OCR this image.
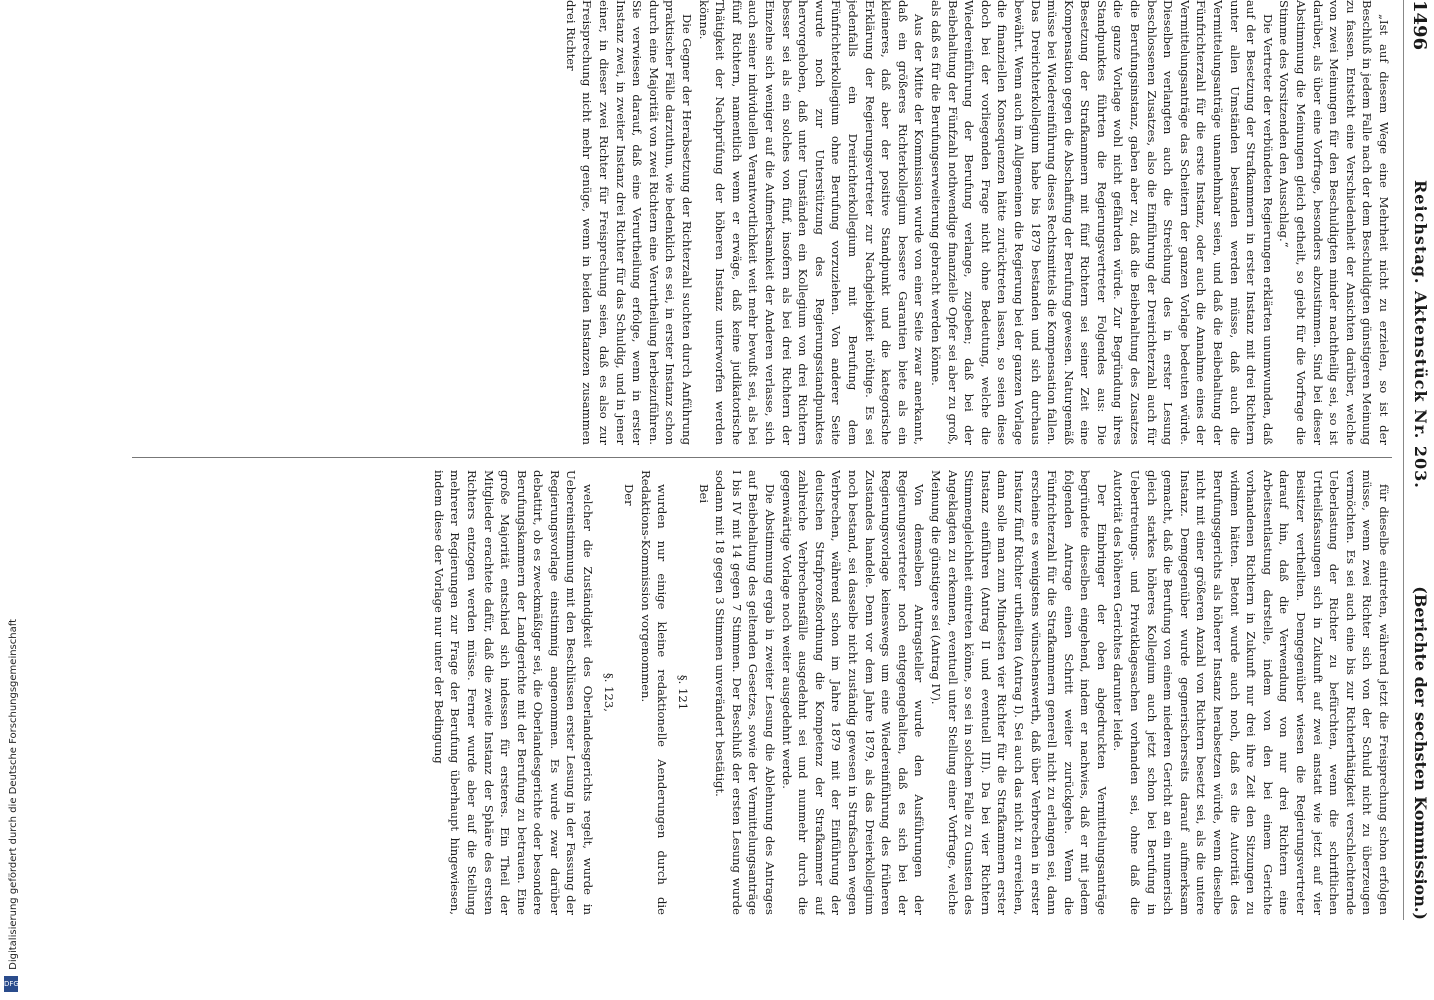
1496
Reichstag. Aktenstück Nr. 203.
(Berichte der sechsten Kommission.)

„Ist auf diesem Wege eine Mehrheit nicht zu erzielen, so ist der Beschluß in jedem Falle nach der dem Beschuldigten günstigeren Meinung zu fassen. Entsteht eine Verschiedenheit der Ansichten darüber, welche von zwei Meinungen für den Beschuldigten minder nachtheilig sei, so ist darüber, als über eine Vorfrage, besonders abzustimmen. Sind bei dieser Abstimmung die Meinungen gleich getheilt, so giebt für die Vorfrage die Stimme des Vorsitzenden den Ausschlag.“

Die Vertreter der verbündeten Regierungen erklärten unumwunden, daß auf der Besetzung der Strafkammern in erster Instanz mit drei Richtern unter allen Umständen bestanden werden müsse, daß auch die Vermittelungsanträge unannehmbar seien, und daß die Beibehaltung der Fünfrichterzahl für die erste Instanz, oder auch die Annahme eines der Vermittelungsanträge das Scheitern der ganzen Vorlage bedeuten würde. Dieselben verlangten auch die Streichung des in erster Lesung beschlossenen Zusatzes, also die Einführung der Dreirichterzahl auch für die Berufungsinstanz, gaben aber zu, daß die Beibehaltung des Zusatzes die ganze Vorlage wohl nicht gefährden würde. Zur Begründung ihres Standpunktes führten die Regierungsvertreter Folgendes aus: Die Besetzung der Strafkammern mit fünf Richtern sei seiner Zeit eine Kompensation gegen die Abschaffung der Berufung gewesen. Naturgemäß müsse bei Wiedereinführung dieses Rechtsmittels die Kompensation fallen. Das Dreirichterkollegium habe bis 1879 bestanden und sich durchaus bewährt. Wenn auch im Allgemeinen die Regierung bei der ganzen Vorlage die finanziellen Konsequenzen hätte zurücktreten lassen, so seien diese doch bei der vorliegenden Frage nicht ohne Bedeutung, welche die Wiedereinführung der Berufung verlange, zugeben; daß bei der Beibehaltung der Fünfzahl nothwendige finanzielle Opfer sei aber zu groß, als daß es für die Berufungserweiterung gebracht werden könne.

Aus der Mitte der Kommission wurde von einer Seite zwar anerkannt, daß ein größeres Richterkollegium bessere Garantien biete als ein kleineres, daß aber der positive Standpunkt und die kategorische Erklärung der Regierungsvertreter zur Nachgiebigkeit nöthige. Es sei jedenfalls ein Dreirichterkollegium mit Berufung dem Fünfrichterkollegium ohne Berufung vorzuziehen. Von anderer Seite wurde noch zur Unterstützung des Regierungsstandpunktes hervorgehoben, daß unter Umständen ein Kollegium von drei Richtern besser sei als ein solches von fünf, insofern als bei drei Richtern der Einzelne sich weniger auf die Aufmerksamkeit der Anderen verlasse, sich auch seiner individuellen Verantwortlichkeit weit mehr bewußt sei, als bei fünf Richtern, namentlich wenn er erwäge, daß keine judikatorische Thätigkeit der Nachprüfung der höheren Instanz unterworfen werden könne.

Die Gegner der Herabsetzung der Richterzahl suchten durch Anführung praktischer Fälle darzuthun, wie bedenklich es sei, in erster Instanz schon durch eine Majorität von zwei Richtern eine Verurtheilung herbeizuführen. Sie verwiesen darauf, daß eine Verurtheilung erfolge, wenn in erster Instanz zwei, in zweiter Instanz drei Richter für das Schuldig, und in jener einer, in dieser zwei Richter für Freisprechung seien, daß es also zur Freisprechung nicht mehr genüge, wenn in beiden Instanzen zusammen drei Richter

für dieselbe eintreten, während jetzt die Freisprechung schon erfolgen müsse, wenn zwei Richter sich von der Schuld nicht zu überzeugen vermöchten. Es sei auch eine bis zur Richterthätigkeit verschlechternde Ueberlastung der Richter zu befürchten, wenn die schriftlichen Urtheilsfassungen sich in Zukunft auf zwei anstatt wie jetzt auf vier Beisitzer vertheilten. Demgegenüber wiesen die Regierungsvertreter darauf hin, daß die Verwendung von nur drei Richtern eine Arbeitsentlastung darstelle, indem von den bei einem Gerichte vorhandenen Richtern in Zukunft nur drei ihre Zeit den Sitzungen zu widmen hätten. Betont wurde auch noch, daß es die Autorität des Berufungsgerichts als höherer Instanz herabsetzen würde, wenn dieselbe nicht mit einer größeren Anzahl von Richtern besetzt sei, als die untere Instanz. Demgegenüber wurde gegnerischerseits darauf aufmerksam gemacht, daß die Berufung von einem niederen Gericht an ein numerisch gleich starkes höheres Kollegium auch jetzt schon bei Berufung in Uebertretungs- und Privatklagesachen vorhanden sei, ohne daß die Autorität des höheren Gerichtes darunter leide.

Der Einbringer der oben abgedruckten Vermittelungsanträge begründete dieselben eingehend, indem er nachwies, daß er mit jedem folgenden Antrage einen Schritt weiter zurückgehe. Wenn die Fünfrichterzahl für die Strafkammern generell nicht zu erlangen sei, dann erscheine es wenigstens wünschenswerth, daß über Verbrechen in erster Instanz fünf Richter urtheilten (Antrag I). Sei auch das nicht zu erreichen, dann solle man zum Mindesten vier Richter für die Strafkammern erster Instanz einführen (Antrag II und eventuell III). Da bei vier Richtern Stimmengleichheit eintreten könne, so sei in solchem Falle zu Gunsten des Angeklagten zu erkennen, eventuell unter Stellung einer Vorfrage, welche Meinung die günstigere sei (Antrag IV).

Von demselben Antragsteller wurde den Ausführungen der Regierungsvertreter noch entgegengehalten, daß es sich bei der Regierungsvorlage keineswegs um eine Wiedereinführung des früheren Zustandes handele. Denn vor dem Jahre 1879, als das Dreierkollegium noch bestand, sei dasselbe nicht zuständig gewesen in Strafsachen wegen Verbrechen, während schon im Jahre 1879 mit der Einführung der deutschen Strafprozeßordnung die Kompetenz der Strafkammer auf zahlreiche Verbrechensfälle ausgedehnt sei und nunmehr durch die gegenwärtige Vorlage noch weiter ausgedehnt werde.

Die Abstimmung ergab in zweiter Lesung die Ablehnung des Antrages auf Beibehaltung des geltenden Gesetzes, sowie der Vermittelungsanträge I bis IV mit 14 gegen 7 Stimmen. Der Beschluß der ersten Lesung wurde sodann mit 18 gegen 3 Stimmen unverändert bestätigt.

Bei

§. 121

wurden nur einige kleine redaktionelle Aenderungen durch die Redaktions-Kommission vorgenommen.

Der

§. 123,

welcher die Zuständigkeit des Oberlandesgerichts regelt, wurde in Uebereinstimmung mit den Beschlüssen erster Lesung in der Fassung der Regierungsvorlage einstimmig angenommen. Es wurde zwar darüber debattirt, ob es zweckmäßiger sei, die Oberlandesgerichte oder besondere Berufungskammern der Landgerichte mit der Berufung zu betrauen. Eine große Majorität entschied sich indessen für ersteres. Ein Theil der Mitglieder erachtete dafür, daß die zweite Instanz der Sphäre des ersten Richters entzogen werden müsse. Ferner wurde aber auf die Stellung mehrerer Regierungen zur Frage der Berufung überhaupt hingewiesen, indem diese der Vorlage nur unter der Bedingung

DFG
Digitalisierung gefördert durch die Deutsche Forschungsgemeinschaft
